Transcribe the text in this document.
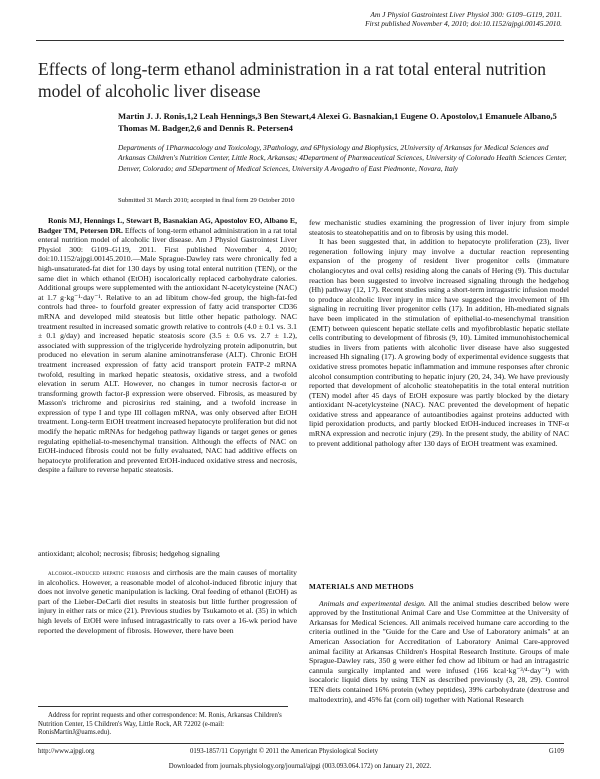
Am J Physiol Gastrointest Liver Physiol 300: G109–G119, 2011.
First published November 4, 2010; doi:10.1152/ajpgi.00145.2010.
Effects of long-term ethanol administration in a rat total enteral nutrition model of alcoholic liver disease
Martin J. J. Ronis,1,2 Leah Hennings,3 Ben Stewart,4 Alexei G. Basnakian,1 Eugene O. Apostolov,1 Emanuele Albano,5 Thomas M. Badger,2,6 and Dennis R. Petersen4
Departments of 1Pharmacology and Toxicology, 3Pathology, and 6Physiology and Biophysics, 2University of Arkansas for Medical Sciences and Arkansas Children's Nutrition Center, Little Rock, Arkansas; 4Department of Pharmaceutical Sciences, University of Colorado Health Sciences Center, Denver, Colorado; and 5Department of Medical Sciences, University A Avogadro of East Piedmonte, Novara, Italy
Submitted 31 March 2010; accepted in final form 29 October 2010

Ronis MJ, Hennings L, Stewart B, Basnakian AG, Apostolov EO, Albano E, Badger TM, Petersen DR. Effects of long-term ethanol administration in a rat total enteral nutrition model of alcoholic liver disease. Am J Physiol Gastrointest Liver Physiol 300: G109–G119, 2011. First published November 4, 2010; doi:10.1152/ajpgi.00145.2010.—Male Sprague-Dawley rats were chronically fed a high-unsaturated-fat diet for 130 days by using total enteral nutrition (TEN), or the same diet in which ethanol (EtOH) isocalorically replaced carbohydrate calories. Additional groups were supplemented with the antioxidant N-acetylcysteine (NAC) at 1.7 g·kg⁻¹·day⁻¹. Relative to an ad libitum chow-fed group, the high-fat-fed controls had three- to fourfold greater expression of fatty acid transporter CD36 mRNA and developed mild steatosis but little other hepatic pathology. NAC treatment resulted in increased somatic growth relative to controls (4.0 ± 0.1 vs. 3.1 ± 0.1 g/day) and increased hepatic steatosis score (3.5 ± 0.6 vs. 2.7 ± 1.2), associated with suppression of the triglyceride hydrolyzing protein adiponutrin, but produced no elevation in serum alanine aminotransferase (ALT). Chronic EtOH treatment increased expression of fatty acid transport protein FATP-2 mRNA twofold, resulting in marked hepatic steatosis, oxidative stress, and a twofold elevation in serum ALT. However, no changes in tumor necrosis factor-α or transforming growth factor-β expression were observed. Fibrosis, as measured by Masson's trichrome and picrosirius red staining, and a twofold increase in expression of type I and type III collagen mRNA, was only observed after EtOH treatment. Long-term EtOH treatment increased hepatocyte proliferation but did not modify the hepatic mRNAs for hedgehog pathway ligands or target genes or genes regulating epithelial-to-mesenchymal transition. Although the effects of NAC on EtOH-induced fibrosis could not be fully evaluated, NAC had additive effects on hepatocyte proliferation and prevented EtOH-induced oxidative stress and necrosis, despite a failure to reverse hepatic steatosis.

antioxidant; alcohol; necrosis; fibrosis; hedgehog signaling

alcohol-induced hepatic fibrosis and cirrhosis are the main causes of mortality in alcoholics. However, a reasonable model of alcohol-induced fibrotic injury that does not involve genetic manipulation is lacking. Oral feeding of ethanol (EtOH) as part of the Lieber-DeCarli diet results in steatosis but little further progression of injury in either rats or mice (21). Previous studies by Tsukamoto et al. (35) in which high levels of EtOH were infused intragastrically to rats over a 16-wk period have reported the development of fibrosis. However, there have been

few mechanistic studies examining the progression of liver injury from simple steatosis to steatohepatitis and on to fibrosis by using this model.

It has been suggested that, in addition to hepatocyte proliferation (23), liver regeneration following injury may involve a ductular reaction representing expansion of the progeny of resident liver progenitor cells (immature cholangiocytes and oval cells) residing along the canals of Hering (9). This ductular reaction has been suggested to involve increased signaling through the hedgehog (Hh) pathway (12, 17). Recent studies using a short-term intragastric infusion model to produce alcoholic liver injury in mice have suggested the involvement of Hh signaling in recruiting liver progenitor cells (17). In addition, Hh-mediated signals have been implicated in the stimulation of epithelial-to-mesenchymal transition (EMT) between quiescent hepatic stellate cells and myofibroblastic hepatic stellate cells contributing to development of fibrosis (9, 10). Limited immunohistochemical studies in livers from patients with alcoholic liver disease have also suggested increased Hh signaling (17). A growing body of experimental evidence suggests that oxidative stress promotes hepatic inflammation and immune responses after chronic alcohol consumption contributing to hepatic injury (20, 24, 34). We have previously reported that development of alcoholic steatohepatitis in the total enteral nutrition (TEN) model after 45 days of EtOH exposure was partly blocked by the dietary antioxidant N-acetylcysteine (NAC). NAC prevented the development of hepatic oxidative stress and appearance of autoantibodies against proteins adducted with lipid peroxidation products, and partly blocked EtOH-induced increases in TNF-α mRNA expression and necrotic injury (29). In the present study, the ability of NAC to prevent additional pathology after 130 days of EtOH treatment was examined.

MATERIALS AND METHODS

Animals and experimental design. All the animal studies described below were approved by the Institutional Animal Care and Use Committee at the University of Arkansas for Medical Sciences. All animals received humane care according to the criteria outlined in the "Guide for the Care and Use of Laboratory animals" at an American Association for Accreditation of Laboratory Animal Care-approved animal facility at Arkansas Children's Hospital Research Institute. Groups of male Sprague-Dawley rats, 350 g were either fed chow ad libitum or had an intragastric cannula surgically implanted and were infused (166 kcal·kg⁻³/⁴·day⁻¹) with isocaloric liquid diets by using TEN as described previously (3, 28, 29). Control TEN diets contained 16% protein (whey peptides), 39% carbohydrate (dextrose and maltodextrin), and 45% fat (corn oil) together with National Research

Address for reprint requests and other correspondence: M. Ronis, Arkansas Children's Nutrition Center, 15 Children's Way, Little Rock, AR 72202 (e-mail: RonisMartinJ@uams.edu).

http://www.ajpgi.org	0193-1857/11 Copyright © 2011 the American Physiological Society	G109
Downloaded from journals.physiology.org/journal/ajpgi (003.093.064.172) on January 21, 2022.
